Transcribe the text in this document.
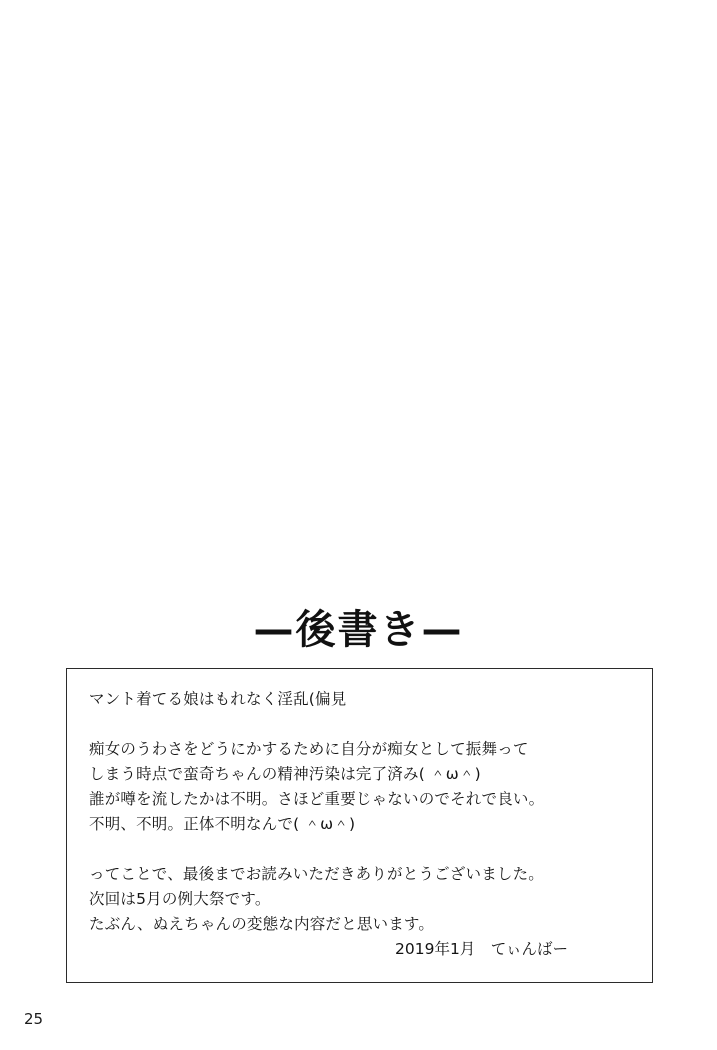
—後書き—
マント着てる娘はもれなく淫乱(偏見
痴女のうわさをどうにかするために自分が痴女として振舞って
しまう時点で蛮奇ちゃんの精神汚染は完了済み( ＾ω＾)
誰が噂を流したかは不明。さほど重要じゃないのでそれで良い。
不明、不明。正体不明なんで( ＾ω＾)
ってことで、最後までお読みいただきありがとうございました。
次回は5月の例大祭です。
たぶん、ぬえちゃんの変態な内容だと思います。
2019年1月　てぃんばー
25
